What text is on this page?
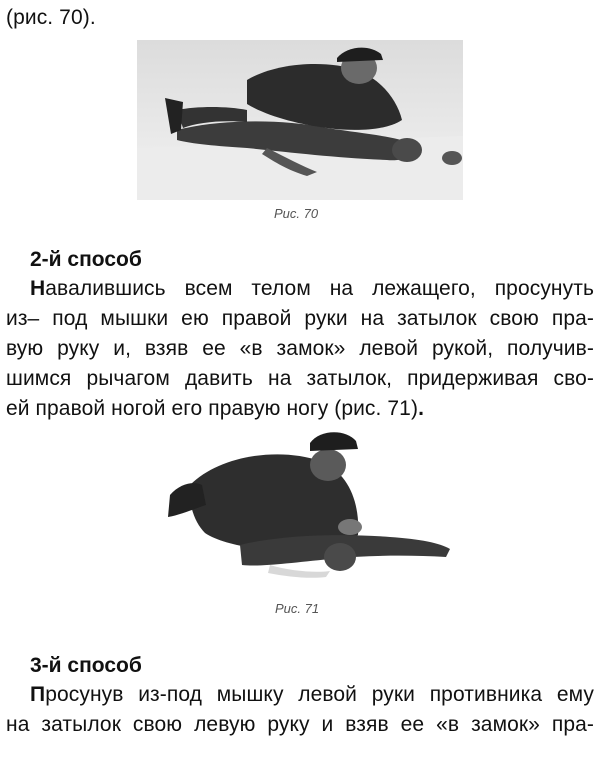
(рис. 70).
Рис. 70
2-й способ
Навалившись всем телом на лежащего, просунуть
из– под мышки ею правой руки на затылок свою пра-
вую руку и, взяв ее «в замок» левой рукой, получив-
шимся рычагом давить на затылок, придерживая сво-
ей правой ногой его правую ногу (рис. 71).
Рис. 71
3-й способ
Просунув из-под мышку левой руки противника ему
на затылок свою левую руку и взяв ее «в замок» пра-
